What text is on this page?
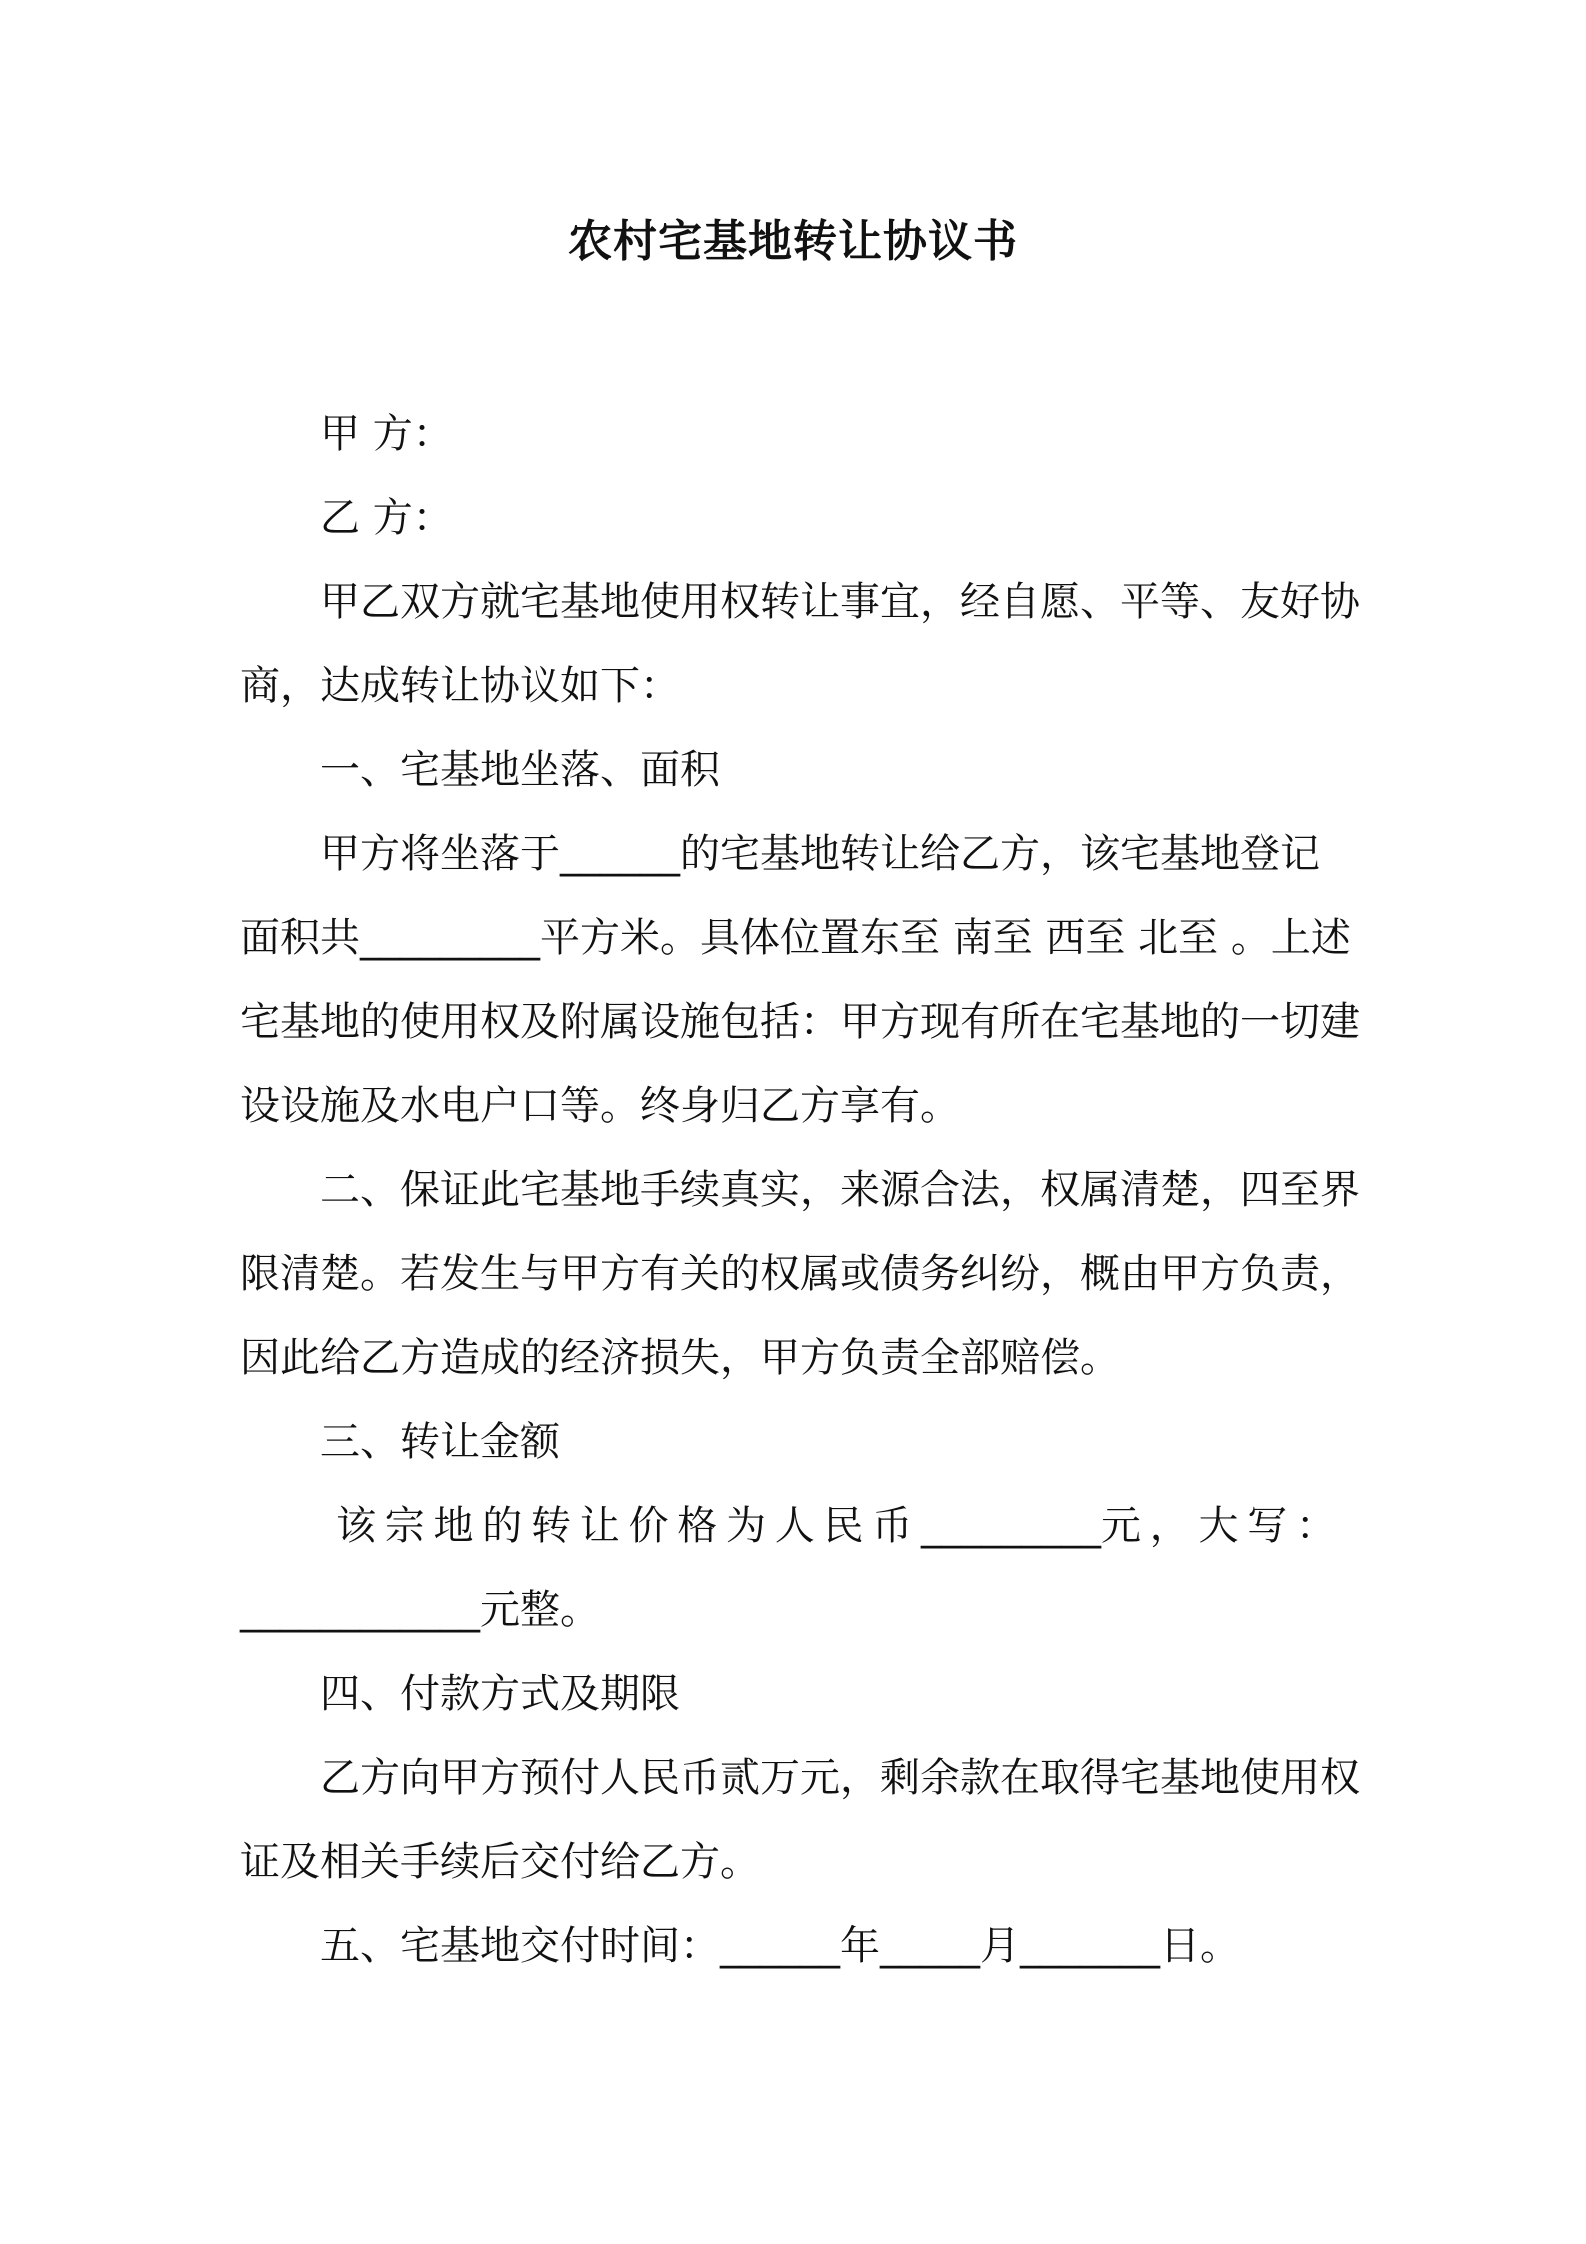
农村宅基地转让协议书
甲 方：
乙 方：
甲乙双方就宅基地使用权转让事宜，经自愿、平等、友好协
商，达成转让协议如下：
一、宅基地坐落、面积
甲方将坐落于______的宅基地转让给乙方，该宅基地登记
面积共_________平方米。具体位置东至 南至 西至 北至 。上述
宅基地的使用权及附属设施包括：甲方现有所在宅基地的一切建
设设施及水电户口等。终身归乙方享有。
二、保证此宅基地手续真实，来源合法，权属清楚，四至界
限清楚。若发生与甲方有关的权属或债务纠纷，概由甲方负责，
因此给乙方造成的经济损失，甲方负责全部赔偿。
三、转让金额
该 宗 地 的 转 让 价 格 为 人 民 币 _________元 ， 大 写 ：
____________元整。
四、付款方式及期限
乙方向甲方预付人民币贰万元，剩余款在取得宅基地使用权
证及相关手续后交付给乙方。
五、宅基地交付时间：______年_____月_______日。
